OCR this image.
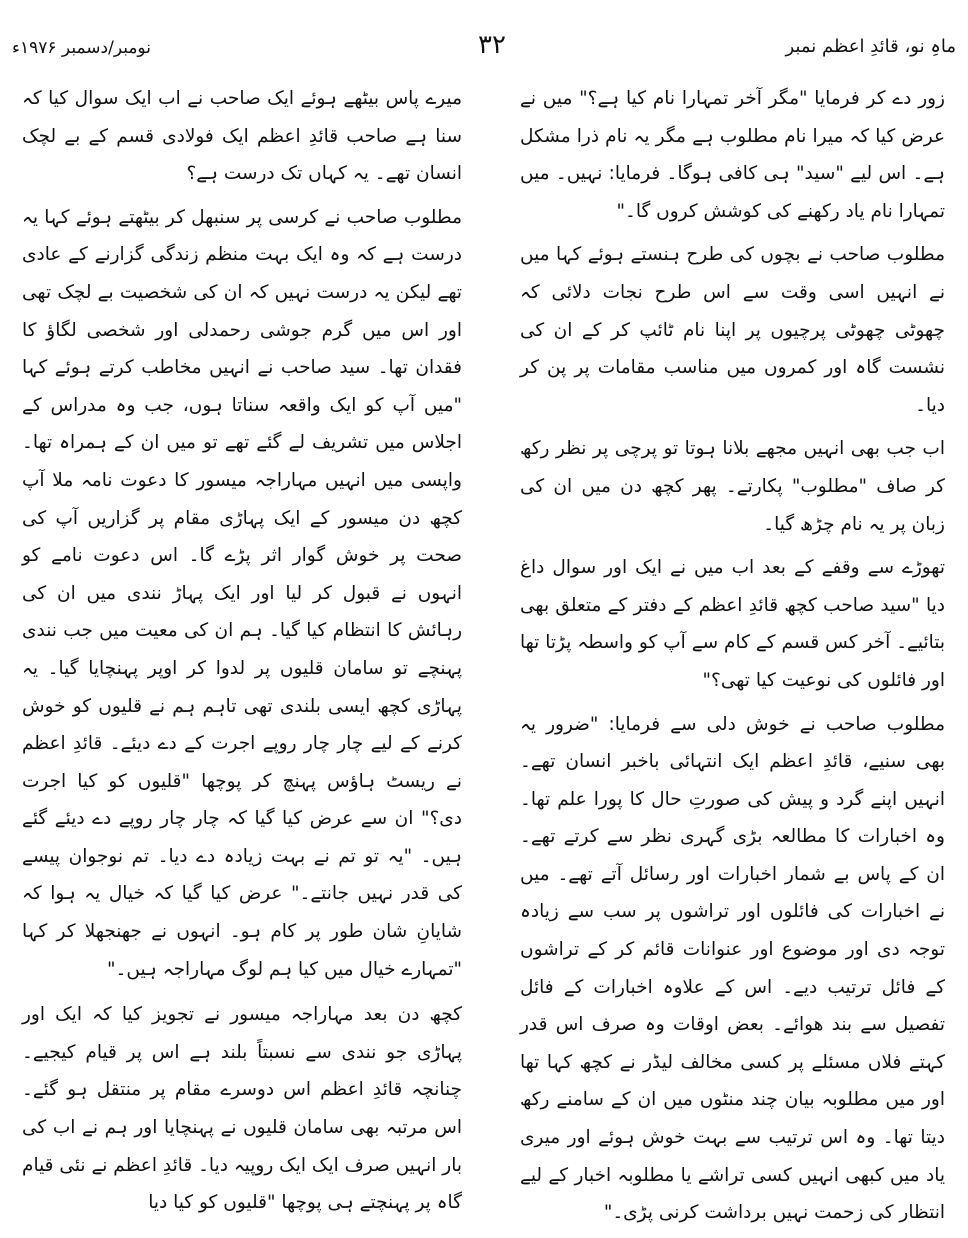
نومبر/دسمبر ۱۹۷۶ء	۳۲	ماہِ نو، قائدِ اعظم نمبر

زور دے کر فرمایا "مگر آخر تمہارا نام کیا ہے؟" میں نے عرض کیا کہ میرا نام مطلوب ہے مگر یہ نام ذرا مشکل ہے۔ اس لیے "سید" ہی کافی ہوگا۔ فرمایا: نہیں۔ میں تمہارا نام یاد رکھنے کی کوشش کروں گا۔"

مطلوب صاحب نے بچوں کی طرح ہنستے ہوئے کہا میں نے انہیں اسی وقت سے اس طرح نجات دلائی کہ چھوٹی چھوٹی پرچیوں پر اپنا نام ٹائپ کر کے ان کی نشست گاہ اور کمروں میں مناسب مقامات پر پن کر دیا۔

اب جب بھی انہیں مجھے بلانا ہوتا تو پرچی پر نظر رکھ کر صاف "مطلوب" پکارتے۔ پھر کچھ دن میں ان کی زبان پر یہ نام چڑھ گیا۔

تھوڑے سے وقفے کے بعد اب میں نے ایک اور سوال داغ دیا "سید صاحب کچھ قائدِ اعظم کے دفتر کے متعلق بھی بتائیے۔ آخر کس قسم کے کام سے آپ کو واسطہ پڑتا تھا اور فائلوں کی نوعیت کیا تھی؟"

مطلوب صاحب نے خوش دلی سے فرمایا: "ضرور یہ بھی سنیے، قائدِ اعظم ایک انتہائی باخبر انسان تھے۔ انہیں اپنے گرد و پیش کی صورتِ حال کا پورا علم تھا۔ وہ اخبارات کا مطالعہ بڑی گہری نظر سے کرتے تھے۔ ان کے پاس بے شمار اخبارات اور رسائل آتے تھے۔ میں نے اخبارات کی فائلوں اور تراشوں پر سب سے زیادہ توجہ دی اور موضوع اور عنوانات قائم کر کے تراشوں کے فائل ترتیب دیے۔ اس کے علاوہ اخبارات کے فائل تفصیل سے بند ھوائے۔ بعض اوقات وہ صرف اس قدر کہتے فلاں مسئلے پر کسی مخالف لیڈر نے کچھ کہا تھا اور میں مطلوبہ بیان چند منٹوں میں ان کے سامنے رکھ دیتا تھا۔ وہ اس ترتیب سے بہت خوش ہوئے اور میری یاد میں کبھی انہیں کسی تراشے یا مطلوبہ اخبار کے لیے انتظار کی زحمت نہیں برداشت کرنی پڑی۔"

میرے پاس بیٹھے ہوئے ایک صاحب نے اب ایک سوال کیا کہ سنا ہے صاحب قائدِ اعظم ایک فولادی قسم کے بے لچک انسان تھے۔ یہ کہاں تک درست ہے؟

مطلوب صاحب نے کرسی پر سنبھل کر بیٹھتے ہوئے کہا یہ درست ہے کہ وہ ایک بہت منظم زندگی گزارنے کے عادی تھے لیکن یہ درست نہیں کہ ان کی شخصیت بے لچک تھی اور اس میں گرم جوشی رحمدلی اور شخصی لگاؤ کا فقدان تھا۔ سید صاحب نے انہیں مخاطب کرتے ہوئے کہا "میں آپ کو ایک واقعہ سناتا ہوں، جب وہ مدراس کے اجلاس میں تشریف لے گئے تھے تو میں ان کے ہمراہ تھا۔ واپسی میں انہیں مہاراجہ میسور کا دعوت نامہ ملا آپ کچھ دن میسور کے ایک پہاڑی مقام پر گزاریں آپ کی صحت پر خوش گوار اثر پڑے گا۔ اس دعوت نامے کو انہوں نے قبول کر لیا اور ایک پہاڑ نندی میں ان کی رہائش کا انتظام کیا گیا۔ ہم ان کی معیت میں جب نندی پہنچے تو سامان قلیوں پر لدوا کر اوپر پہنچایا گیا۔ یہ پہاڑی کچھ ایسی بلندی تھی تاہم ہم نے قلیوں کو خوش کرنے کے لیے چار چار روپے اجرت کے دے دیئے۔ قائدِ اعظم نے ریسٹ ہاؤس پہنچ کر پوچھا "قلیوں کو کیا اجرت دی؟" ان سے عرض کیا گیا کہ چار چار روپے دے دیئے گئے ہیں۔ "یہ تو تم نے بہت زیادہ دے دیا۔ تم نوجوان پیسے کی قدر نہیں جانتے۔" عرض کیا گیا کہ خیال یہ ہوا کہ شایانِ شان طور پر کام ہو۔ انہوں نے جھنجھلا کر کہا "تمہارے خیال میں کیا ہم لوگ مہاراجہ ہیں۔"

کچھ دن بعد مہاراجہ میسور نے تجویز کیا کہ ایک اور پہاڑی جو نندی سے نسبتاً بلند ہے اس پر قیام کیجیے۔ چنانچہ قائدِ اعظم اس دوسرے مقام پر منتقل ہو گئے۔ اس مرتبہ بھی سامان قلیوں نے پہنچایا اور ہم نے اب کی بار انہیں صرف ایک ایک روپیہ دیا۔ قائدِ اعظم نے نئی قیام گاہ پر پہنچتے ہی پوچھا "قلیوں کو کیا دیا
